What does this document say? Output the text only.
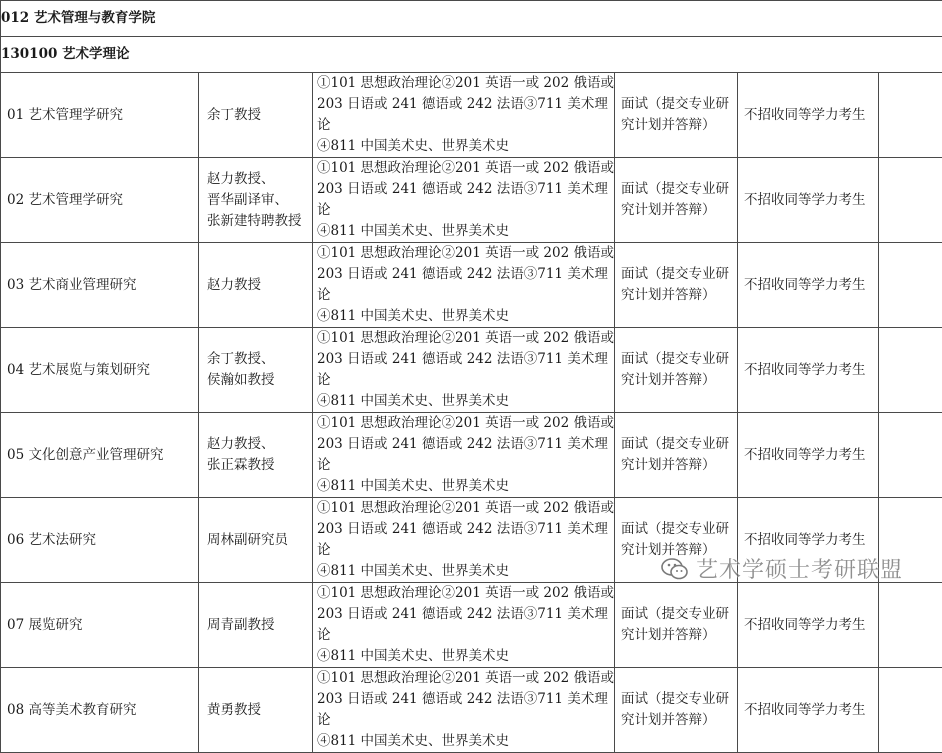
012 艺术管理与教育学院					
130100 艺术学理论					
01 艺术管理学研究	余丁教授	①101 思想政治理论②201 英语一或 202 俄语或
203 日语或 241 德语或 242 法语③711 美术理论
④811 中国美术史、世界美术史	面试（提交专业研
究计划并答辩）	不招收同等学力考生	
02 艺术管理学研究	赵力教授、
晋华副译审、
张新建特聘教授	①101 思想政治理论②201 英语一或 202 俄语或
203 日语或 241 德语或 242 法语③711 美术理论
④811 中国美术史、世界美术史	面试（提交专业研
究计划并答辩）	不招收同等学力考生	
03 艺术商业管理研究	赵力教授	①101 思想政治理论②201 英语一或 202 俄语或
203 日语或 241 德语或 242 法语③711 美术理论
④811 中国美术史、世界美术史	面试（提交专业研
究计划并答辩）	不招收同等学力考生	
04 艺术展览与策划研究	余丁教授、
侯瀚如教授	①101 思想政治理论②201 英语一或 202 俄语或
203 日语或 241 德语或 242 法语③711 美术理论
④811 中国美术史、世界美术史	面试（提交专业研
究计划并答辩）	不招收同等学力考生	
05 文化创意产业管理研究	赵力教授、
张正霖教授	①101 思想政治理论②201 英语一或 202 俄语或
203 日语或 241 德语或 242 法语③711 美术理论
④811 中国美术史、世界美术史	面试（提交专业研
究计划并答辩）	不招收同等学力考生	
06 艺术法研究	周林副研究员	①101 思想政治理论②201 英语一或 202 俄语或
203 日语或 241 德语或 242 法语③711 美术理论
④811 中国美术史、世界美术史	面试（提交专业研
究计划并答辩）	不招收同等学力考生	
07 展览研究	周青副教授	①101 思想政治理论②201 英语一或 202 俄语或
203 日语或 241 德语或 242 法语③711 美术理论
④811 中国美术史、世界美术史	面试（提交专业研
究计划并答辩）	不招收同等学力考生	
08 高等美术教育研究	黄勇教授	①101 思想政治理论②201 英语一或 202 俄语或
203 日语或 241 德语或 242 法语③711 美术理论
④811 中国美术史、世界美术史	面试（提交专业研
究计划并答辩）	不招收同等学力考生	
艺术学硕士考研联盟
